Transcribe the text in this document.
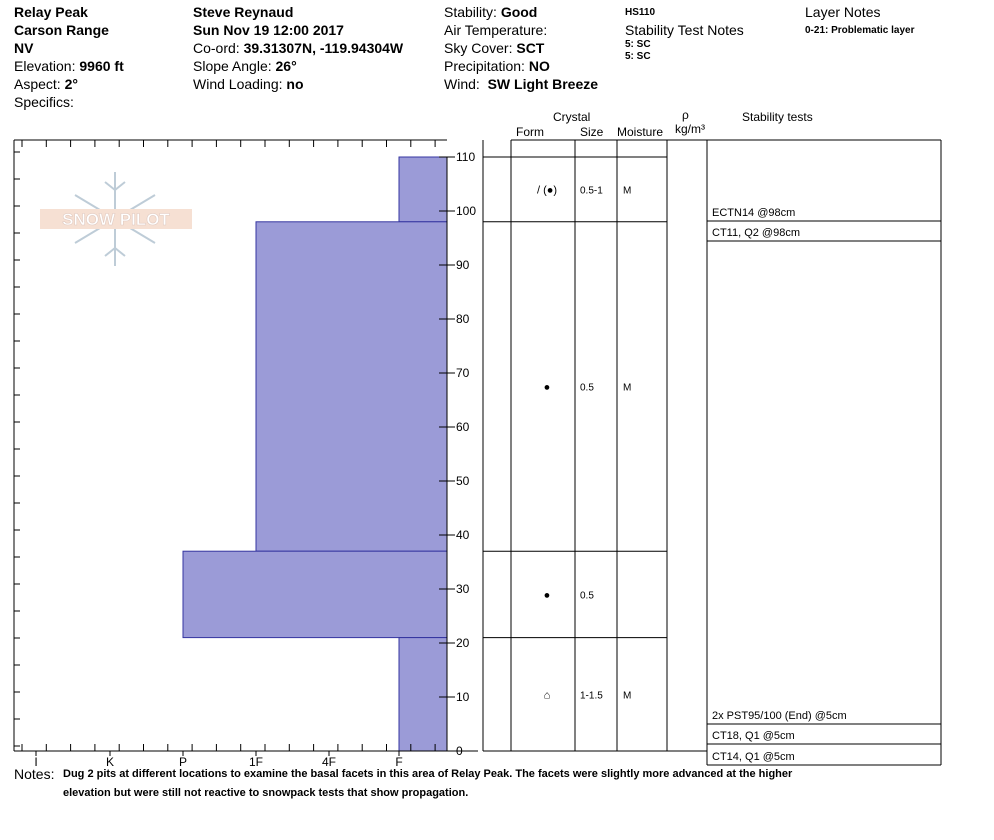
Relay Peak
Carson Range
NV
Elevation: 9960 ft
Aspect: 2°
Specifics:
Steve Reynaud
Sun Nov 19 12:00 2017
Co-ord: 39.31307N, -119.94304W
Slope Angle: 26°
Wind Loading: no
Stability: Good
Air Temperature:
Sky Cover: SCT
Precipitation: NO
Wind: SW Light Breeze
HS110
Stability Test Notes
5: SC
5: SC
Layer Notes
0-21: Problematic layer
Crystal
Form	Size Moisture
ρ
kg/m³
Stability tests
SNOW PILOT
I	K	P	1F	4F	F
0
10
20
30
40
50
60
70
80
90
100
110
/ (●) 0.5-1 M
●	0.5	M
●	0.5
⌂	1-1.5 M
ECTN14 @98cm
CT11, Q2 @98cm
2x PST95/100 (End) @5cm
CT18, Q1 @5cm
CT14, Q1 @5cm
Notes: Dug 2 pits at different locations to examine the basal facets in this area of Relay Peak. The facets were slightly more advanced at the higher
elevation but were still not reactive to snowpack tests that show propagation.
